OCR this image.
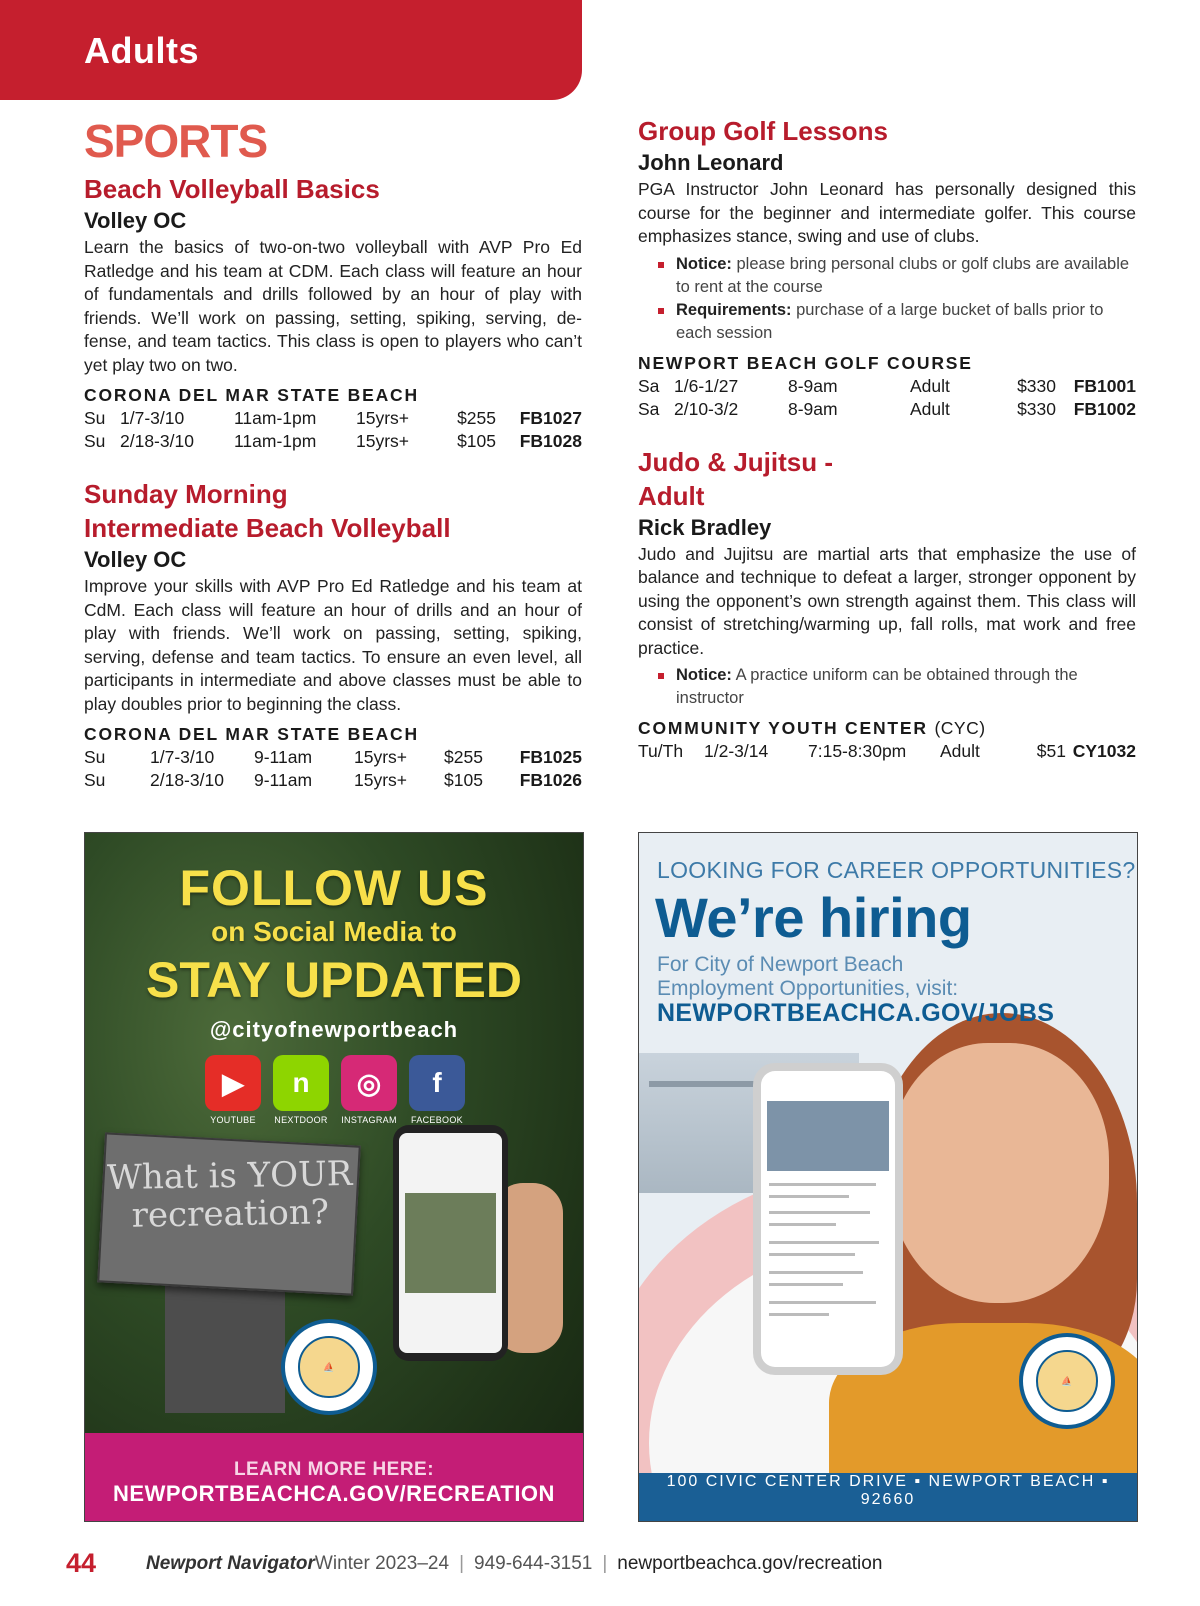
Adults
SPORTS
Beach Volleyball Basics
Volley OC
Learn the basics of two-on-two volleyball with AVP Pro Ed Ratledge and his team at CDM. Each class will feature an hour of fundamentals and drills followed by an hour of play with friends. We’ll work on passing, setting, spiking, serving, de-fense, and team tactics. This class is open to players who can’t yet play two on two.
CORONA DEL MAR STATE BEACH
Su 1/7-3/10	11am-1pm	15yrs+	$255	FB1027
Su 2/18-3/10	11am-1pm	15yrs+	$105	FB1028
Sunday Morning
Intermediate Beach Volleyball
Volley OC
Improve your skills with AVP Pro Ed Ratledge and his team at CdM. Each class will feature an hour of drills and an hour of play with friends. We’ll work on passing, setting, spiking, serving, defense and team tactics. To ensure an even level, all participants in intermediate and above classes must be able to play doubles prior to beginning the class.
CORONA DEL MAR STATE BEACH
Su	1/7-3/10	9-11am	15yrs+	$255	FB1025
Su	2/18-3/10	9-11am	15yrs+	$105	FB1026
Group Golf Lessons
John Leonard
PGA Instructor John Leonard has personally designed this course for the beginner and intermediate golfer. This course emphasizes stance, swing and use of clubs.
Notice: please bring personal clubs or golf clubs are available to rent at the course
Requirements: purchase of a large bucket of balls prior to each session
NEWPORT BEACH GOLF COURSE
Sa 1/6-1/27	8-9am	Adult	$330	FB1001
Sa 2/10-3/2	8-9am	Adult	$330	FB1002
Judo & Jujitsu -
Adult
Rick Bradley
Judo and Jujitsu are martial arts that emphasize the use of balance and technique to defeat a larger, stronger opponent by using the opponent’s own strength against them. This class will consist of stretching/warming up, fall rolls, mat work and free practice.
Notice: A practice uniform can be obtained through the instructor
COMMUNITY YOUTH CENTER (CYC)
Tu/Th	1/2-3/14	7:15-8:30pm	Adult	$51 CY1032
FOLLOW US
on Social Media to
STAY UPDATED
@cityofnewportbeach
▶
YOUTUBE
n
NEXTDOOR
◎
INSTAGRAM
f
FACEBOOK
What is YOUR recreation?
⛵
LEARN MORE HERE:
NEWPORTBEACHCA.GOV/RECREATION
LOOKING FOR CAREER OPPORTUNITIES?
We’re hiring
For City of Newport Beach
Employment Opportunities, visit:
NEWPORTBEACHCA.GOV/JOBS
⛵
100 CIVIC CENTER DRIVE ▪ NEWPORT BEACH ▪ 92660
44	Newport Navigator Winter 2023–24 | 949-644-3151 | newportbeachca.gov/recreation
